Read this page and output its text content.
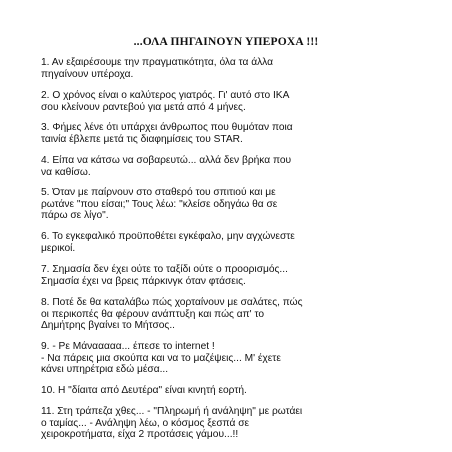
...ΟΛΑ ΠΗΓΑΙΝΟΥΝ ΥΠΕΡΟΧΑ !!!
1. Αν εξαιρέσουμε την πραγματικότητα, όλα τα άλλα
πηγαίνουν υπέροχα.
2. Ο χρόνος είναι ο καλύτερος γιατρός. Γι' αυτό στο ΙΚΑ
σου κλείνουν ραντεβού για μετά από 4 μήνες.
3. Φήμες λένε ότι υπάρχει άνθρωπος που θυμόταν ποια
ταινία έβλεπε μετά τις διαφημίσεις του STAR.
4. Είπα να κάτσω να σοβαρευτώ... αλλά δεν βρήκα που
να καθίσω.
5. Όταν με παίρνουν στο σταθερό του σπιτιού και με
ρωτάνε "που είσαι;" Τους λέω: "κλείσε οδηγάω θα σε
πάρω σε λίγο".
6. Το εγκεφαλικό προϋποθέτει εγκέφαλο, μην αγχώνεστε
μερικοί.
7. Σημασία δεν έχει ούτε το ταξίδι ούτε ο προορισμός...
Σημασία έχει να βρεις πάρκινγκ όταν φτάσεις.
8. Ποτέ δε θα καταλάβω πώς χορταίνουν με σαλάτες, πώς
οι περικοπές θα φέρουν ανάπτυξη και πώς απ' το
Δημήτρης βγαίνει το Μήτσος..
9. - Ρε Μάνααααα... έπεσε το internet !
- Να πάρεις μια σκούπα και να το μαζέψεις... Μ' έχετε
κάνει υπηρέτρια εδώ μέσα...
10. Η "δίαιτα από Δευτέρα" είναι κινητή εορτή.
11. Στη τράπεζα χθες... - "Πληρωμή ή ανάληψη" με ρωτάει
ο ταμίας... - Ανάληψη λέω, ο κόσμος ξεσπά σε
χειροκροτήματα, είχα 2 προτάσεις γάμου...!!
